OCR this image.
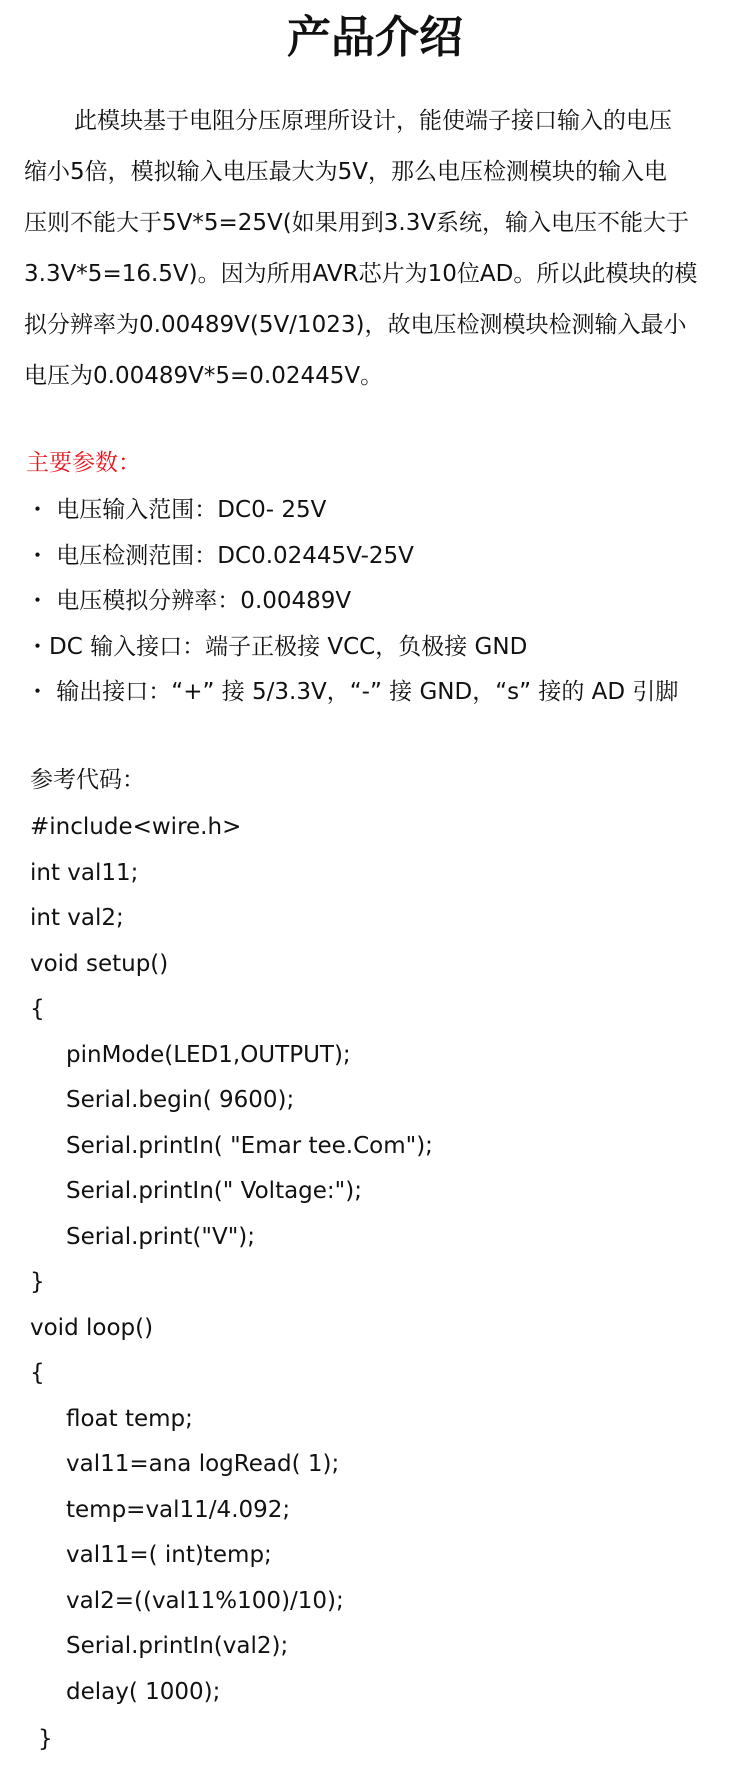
产品介绍

此模块基于电阻分压原理所设计，能使端子接口输入的电压
缩小5倍，模拟输入电压最大为5V，那么电压检测模块的输入电
压则不能大于5V*5=25V(如果用到3.3V系统，输入电压不能大于
3.3V*5=16.5V)。因为所用AVR芯片为10位AD。所以此模块的模
拟分辨率为0.00489V(5V/1023)，故电压检测模块检测输入最小
电压为0.00489V*5=0.02445V。

主要参数：
・ 电压输入范围：DC0- 25V
・ 电压检测范围：DC0.02445V-25V
・ 电压模拟分辨率：0.00489V
・DC 输入接口：端子正极接 VCC，负极接 GND
・ 输出接口：“+” 接 5/3.3V，“-” 接 GND，“s” 接的 AD 引脚
参考代码：
#include<wire.h>
int val11;
int val2;
void setup()
{
pinMode(LED1,OUTPUT);
Serial.begin( 9600);
Serial.printIn( "Emar tee.Com");
Serial.printIn(" Voltage:");
Serial.print("V");
}
void loop()
{
float temp;
val11=ana logRead( 1);
temp=val11/4.092;
val11=( int)temp;
val2=((val11%100)/10);
Serial.printIn(val2);
delay( 1000);

}
